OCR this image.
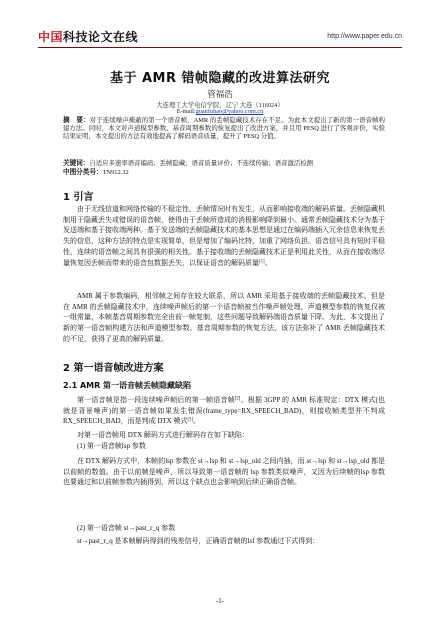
中国科技论文在线	http://www.paper.edu.cn
基于 AMR 错帧隐藏的改进算法研究
管福浩
大连理工大学电信学院，辽宁 大连（116024）
E-mail:guanfuhao@yahoo.com.cn
摘　要：对于连续噪声掩蔽的第一个语音帧，AMR 的丢帧隐藏技术存在不足。为此本文提出了新的第一语音帧构建方法。同时，本文对声道模型参数、基音周期参数的恢复提出了改进方案，并且用 PESQ 进行了客观评价，实验结果证明，本文提出的方法有效地提高了解码语音质量，提升了 PESQ 分值。
关键词：自适应多速率语音编码；丢帧隐藏；语音质量评价；不连续传输；语音激活检测
中图分类号：TN912.32
1 引言

由于无线信道和网络传输的不稳定性，丢帧情况时有发生，从而影响接收端的解码质量。丢帧隐藏机制用于隐藏丢失或错误的语音帧，使得由于丢帧所造成的消极影响降到最小。通常丢帧隐藏技术分为基于发送端和基于接收端两种。基于发送端的丢帧隐藏技术的基本思想是通过在编码端插入冗余信息来恢复丢失的信息，这种方法的特点是实现简单，但是增加了编码比特，加重了网络负担。语音信号具有短时平稳性，连续的语音帧之间具有很强的相关性。基于接收端的丢帧隐藏技术正是利用此关性，从而在接收端尽量恢复因丢帧而带来的语音包数据丢失，以保证语音的解码质量[1]。

AMR 属于参数编码，相邻帧之间存在较大联系，所以 AMR 采用基于接收端的丢帧隐藏技术。但是在 AMR 的丢帧隐藏技术中，连续噪声帧后的第一个语音帧被当作噪声帧处理，声道模型参数的恢复仅被一组常量，本帧基音周期参数完全由前一帧复制，这些问题导致解码端语音质量下降。为此，本文提出了新的第一语音帧构建方法和声道模型参数、基音周期参数的恢复方法，该方法弥补了 AMR 丢帧隐藏技术的不足，获得了更高的解码质量。

2 第一语音帧改进方案
2.1 AMR 第一语音帧丢帧隐藏缺陷

第一语音帧是指一段连续噪声帧后的第一帧语音帧[2]。根据 3GPP 的 AMR 标准规定：DTX 模式(也就是背景噪声)的第一语音帧如果发生错误(frame_type=RX_SPEECH_BAD)，则接收帧类型并不判成 RX_SPEECH_BAD，而是判成 DTX 模式[3]。

对第一语音帧用 DTX 解码方式进行解码存在如下缺陷：

(1) 第一语音帧lsp 参数

在 DTX 解码方式中，本帧的lsp 参数在 st→lsp 和 st→lsp_old 之间内插，而 st→lsp 和 st→lsp_old 都是以前帧的数值。由于以前帧是噪声，所以导致第一语音帧的 lsp 参数类似噪声，又因为后续帧的lsp 参数也要通过和以前帧参数内插得到，所以这个缺点也会影响到后续正确语音帧。

(2) 第一语音帧 st→past_r_q 参数

st→past_r_q 是本帧解码得到的残差信号，正确语音帧的lsf 参数通过下式得到：

-1-
